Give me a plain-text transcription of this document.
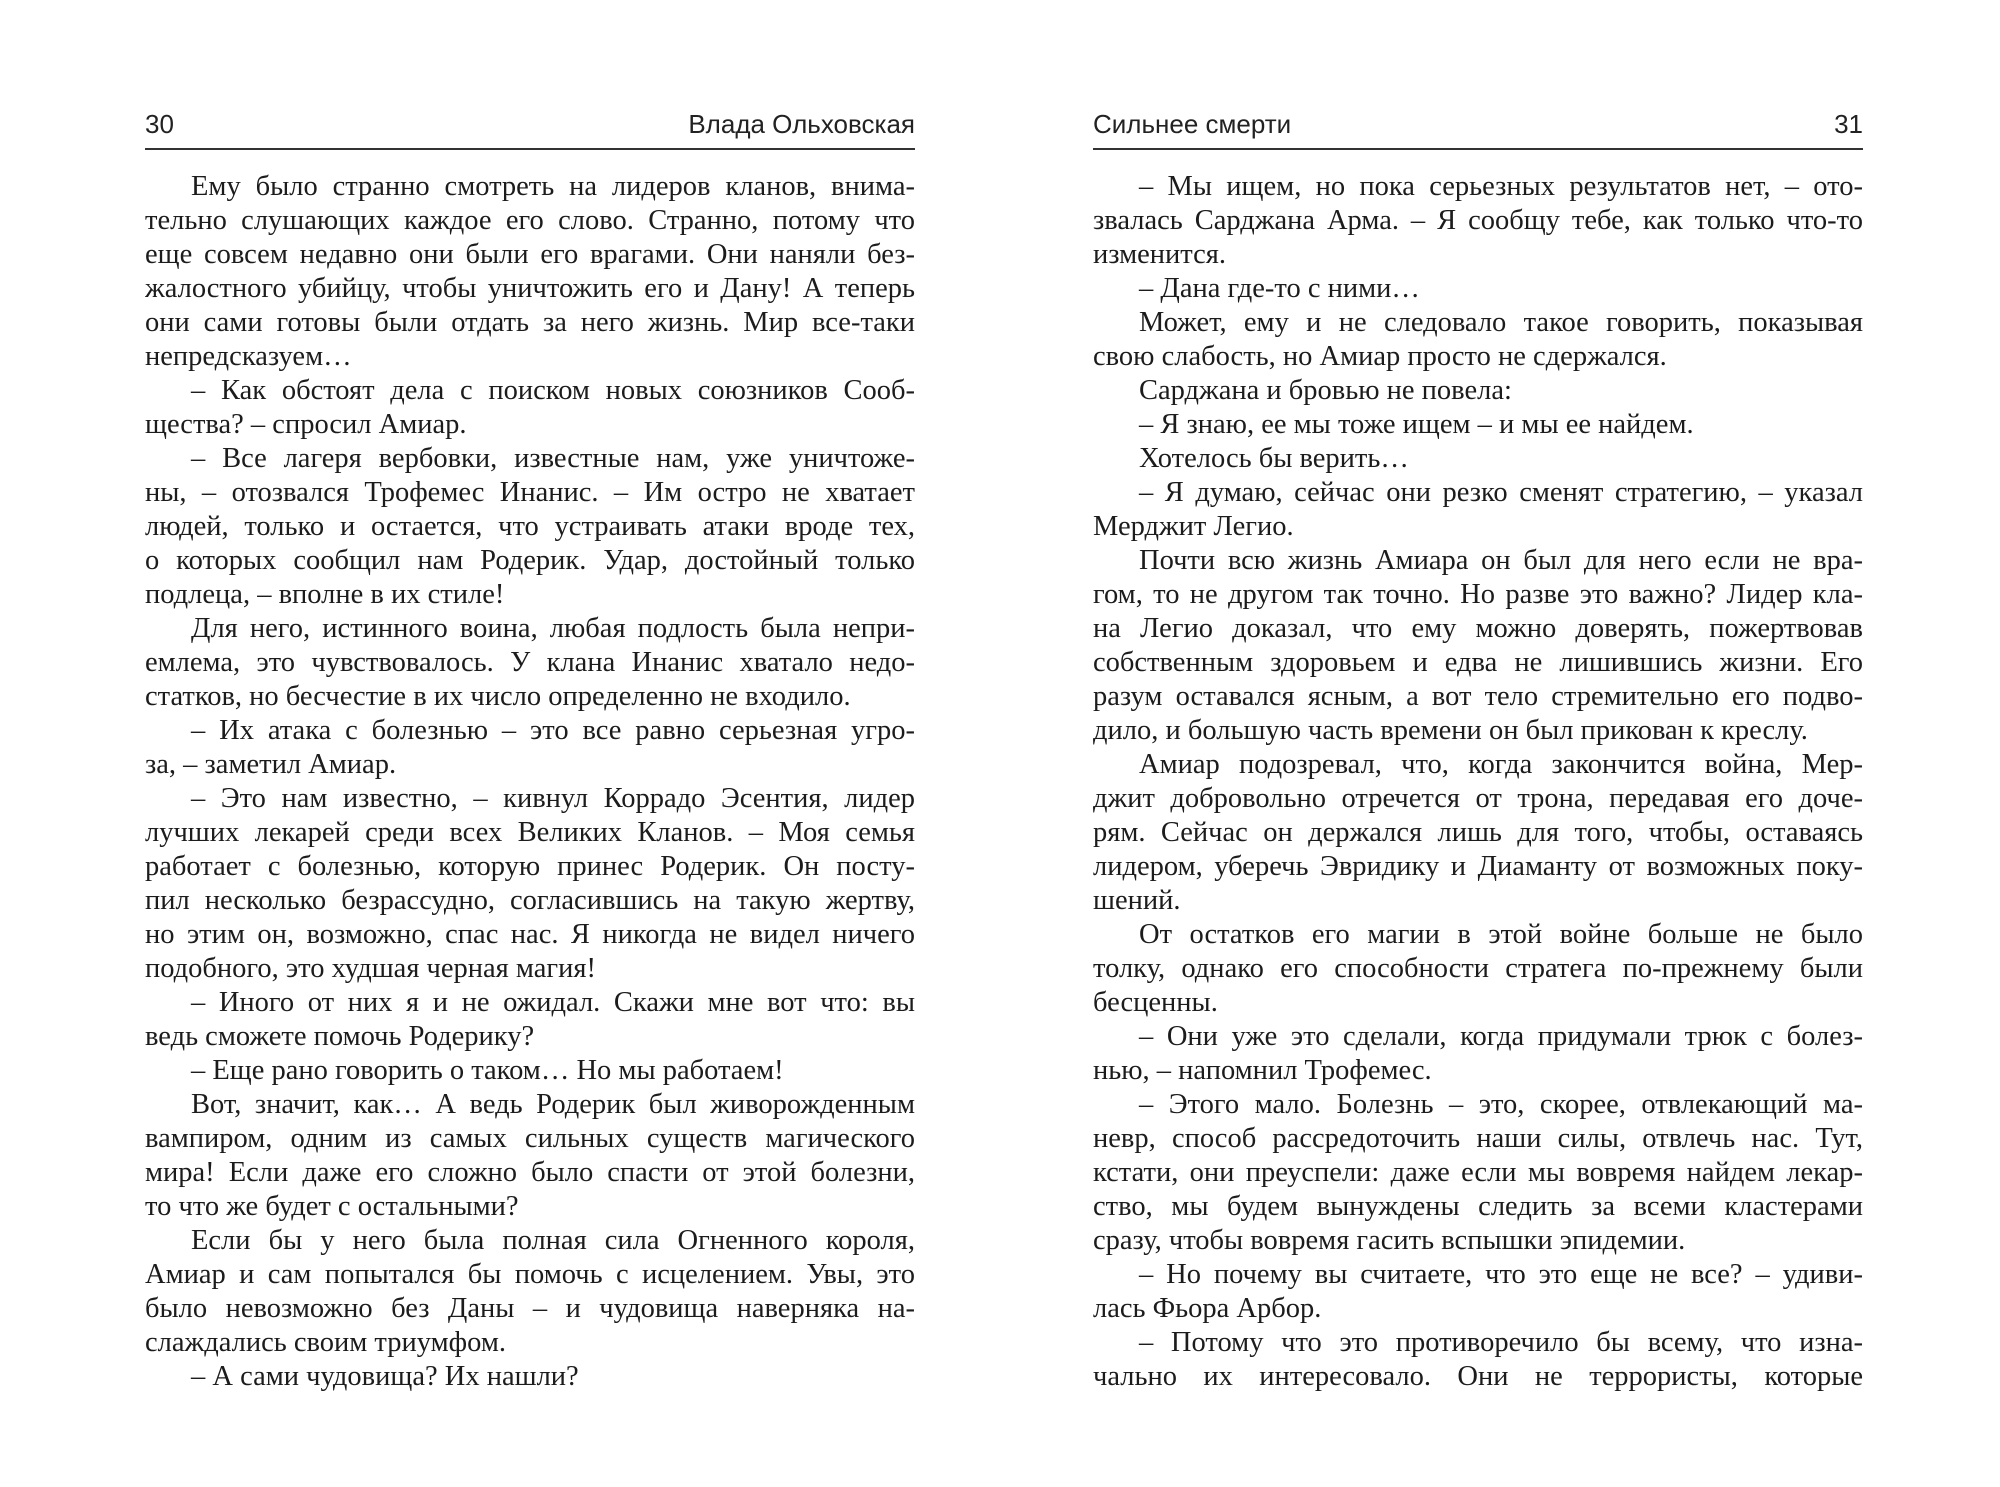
30	Влада Ольховская
Ему было странно смотреть на лидеров кланов, внима-
тельно слушающих каждое его слово. Странно, потому что
еще совсем недавно они были его врагами. Они наняли без-
жалостного убийцу, чтобы уничтожить его и Дану! А теперь
они сами готовы были отдать за него жизнь. Мир все-таки
непредсказуем…
– Как обстоят дела с поиском новых союзников Сооб-
щества? – спросил Амиар.
– Все лагеря вербовки, известные нам, уже уничтоже-
ны, – отозвался Трофемес Инанис. – Им остро не хватает
людей, только и остается, что устраивать атаки вроде тех,
о которых сообщил нам Родерик. Удар, достойный только
подлеца, – вполне в их стиле!
Для него, истинного воина, любая подлость была непри-
емлема, это чувствовалось. У клана Инанис хватало недо-
статков, но бесчестие в их число определенно не входило.
– Их атака с болезнью – это все равно серьезная угро-
за, – заметил Амиар.
– Это нам известно, – кивнул Коррадо Эсентия, лидер
лучших лекарей среди всех Великих Кланов. – Моя семья
работает с болезнью, которую принес Родерик. Он посту-
пил несколько безрассудно, согласившись на такую жертву,
но этим он, возможно, спас нас. Я никогда не видел ничего
подобного, это худшая черная магия!
– Иного от них я и не ожидал. Скажи мне вот что: вы
ведь сможете помочь Родерику?
– Еще рано говорить о таком… Но мы работаем!
Вот, значит, как… А ведь Родерик был живорожденным
вампиром, одним из самых сильных существ магического
мира! Если даже его сложно было спасти от этой болезни,
то что же будет с остальными?
Если бы у него была полная сила Огненного короля,
Амиар и сам попытался бы помочь с исцелением. Увы, это
было невозможно без Даны – и чудовища наверняка на-
слаждались своим триумфом.
– А сами чудовища? Их нашли?
Сильнее смерти	31
– Мы ищем, но пока серьезных результатов нет, – ото-
звалась Сарджана Арма. – Я сообщу тебе, как только что-то
изменится.
– Дана где-то с ними…
Может, ему и не следовало такое говорить, показывая
свою слабость, но Амиар просто не сдержался.
Сарджана и бровью не повела:
– Я знаю, ее мы тоже ищем – и мы ее найдем.
Хотелось бы верить…
– Я думаю, сейчас они резко сменят стратегию, – указал
Мерджит Легио.
Почти всю жизнь Амиара он был для него если не вра-
гом, то не другом так точно. Но разве это важно? Лидер кла-
на Легио доказал, что ему можно доверять, пожертвовав
собственным здоровьем и едва не лишившись жизни. Его
разум оставался ясным, а вот тело стремительно его подво-
дило, и большую часть времени он был прикован к креслу.
Амиар подозревал, что, когда закончится война, Мер-
джит добровольно отречется от трона, передавая его доче-
рям. Сейчас он держался лишь для того, чтобы, оставаясь
лидером, уберечь Эвридику и Диаманту от возможных поку-
шений.
От остатков его магии в этой войне больше не было
толку, однако его способности стратега по-прежнему были
бесценны.
– Они уже это сделали, когда придумали трюк с болез-
нью, – напомнил Трофемес.
– Этого мало. Болезнь – это, скорее, отвлекающий ма-
невр, способ рассредоточить наши силы, отвлечь нас. Тут,
кстати, они преуспели: даже если мы вовремя найдем лекар-
ство, мы будем вынуждены следить за всеми кластерами
сразу, чтобы вовремя гасить вспышки эпидемии.
– Но почему вы считаете, что это еще не все? – удиви-
лась Фьора Арбор.
– Потому что это противоречило бы всему, что изна-
чально их интересовало. Они не террористы, которые
